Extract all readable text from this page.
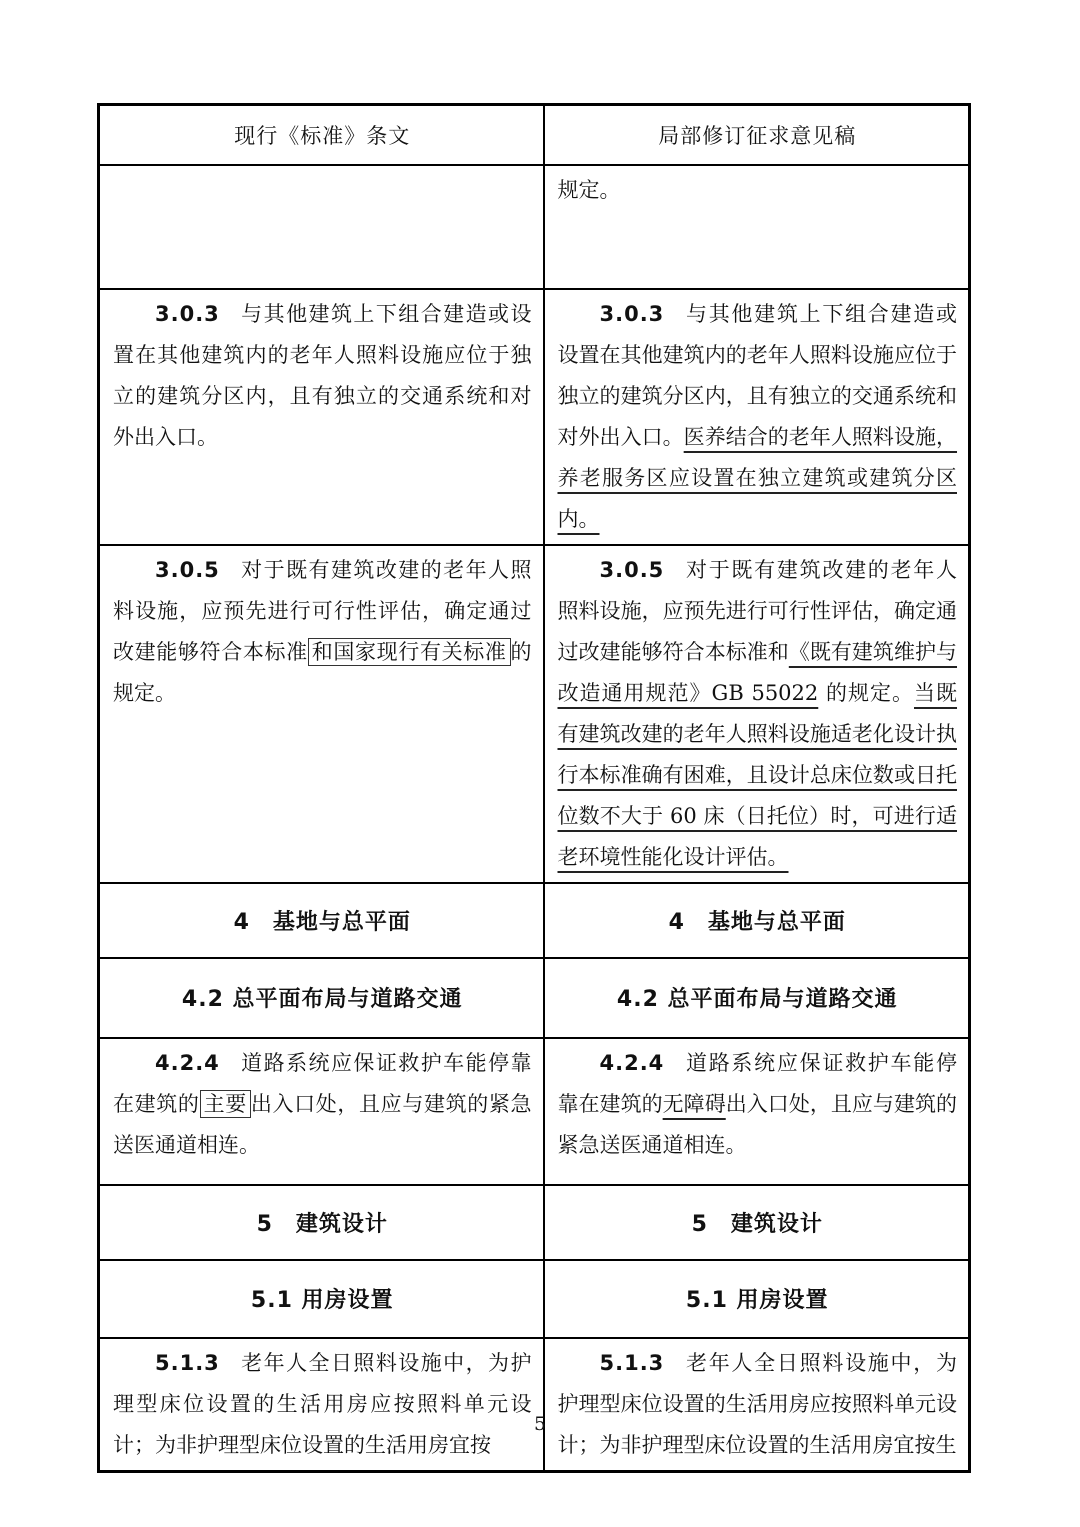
现行《标准》条文	局部修订征求意见稿

	规定。

3.0.3 与其他建筑上下组合建造或设置在其他建筑内的老年人照料设施应位于独立的建筑分区内，且有独立的交通系统和对外出入口。	3.0.3 与其他建筑上下组合建造或设置在其他建筑内的老年人照料设施应位于独立的建筑分区内，且有独立的交通系统和对外出入口。医养结合的老年人照料设施，养老服务区应设置在独立建筑或建筑分区内。

3.0.5 对于既有建筑改建的老年人照料设施，应预先进行可行性评估，确定通过改建能够符合本标准 和国家现行有关标准 的规定。	3.0.5 对于既有建筑改建的老年人照料设施，应预先进行可行性评估，确定通过改建能够符合本标准和《既有建筑维护与改造通用规范》GB 55022 的规定。当既有建筑改建的老年人照料设施适老化设计执行本标准确有困难，且设计总床位数或日托位数不大于 60 床（日托位）时，可进行适老环境性能化设计评估。

4　基地与总平面	4　基地与总平面
4.2 总平面布局与道路交通	4.2 总平面布局与道路交通

4.2.4 道路系统应保证救护车能停靠在建筑的 主要 出入口处，且应与建筑的紧急送医通道相连。	4.2.4 道路系统应保证救护车能停靠在建筑的无障碍出入口处，且应与建筑的紧急送医通道相连。

5　建筑设计	5　建筑设计
5.1 用房设置	5.1 用房设置

5.1.3 老年人全日照料设施中，为护理型床位设置的生活用房应按照料单元设计；为非护理型床位设置的生活用房宜按	5.1.3 老年人全日照料设施中，为护理型床位设置的生活用房应按照料单元设计；为非护理型床位设置的生活用房宜按生

5
